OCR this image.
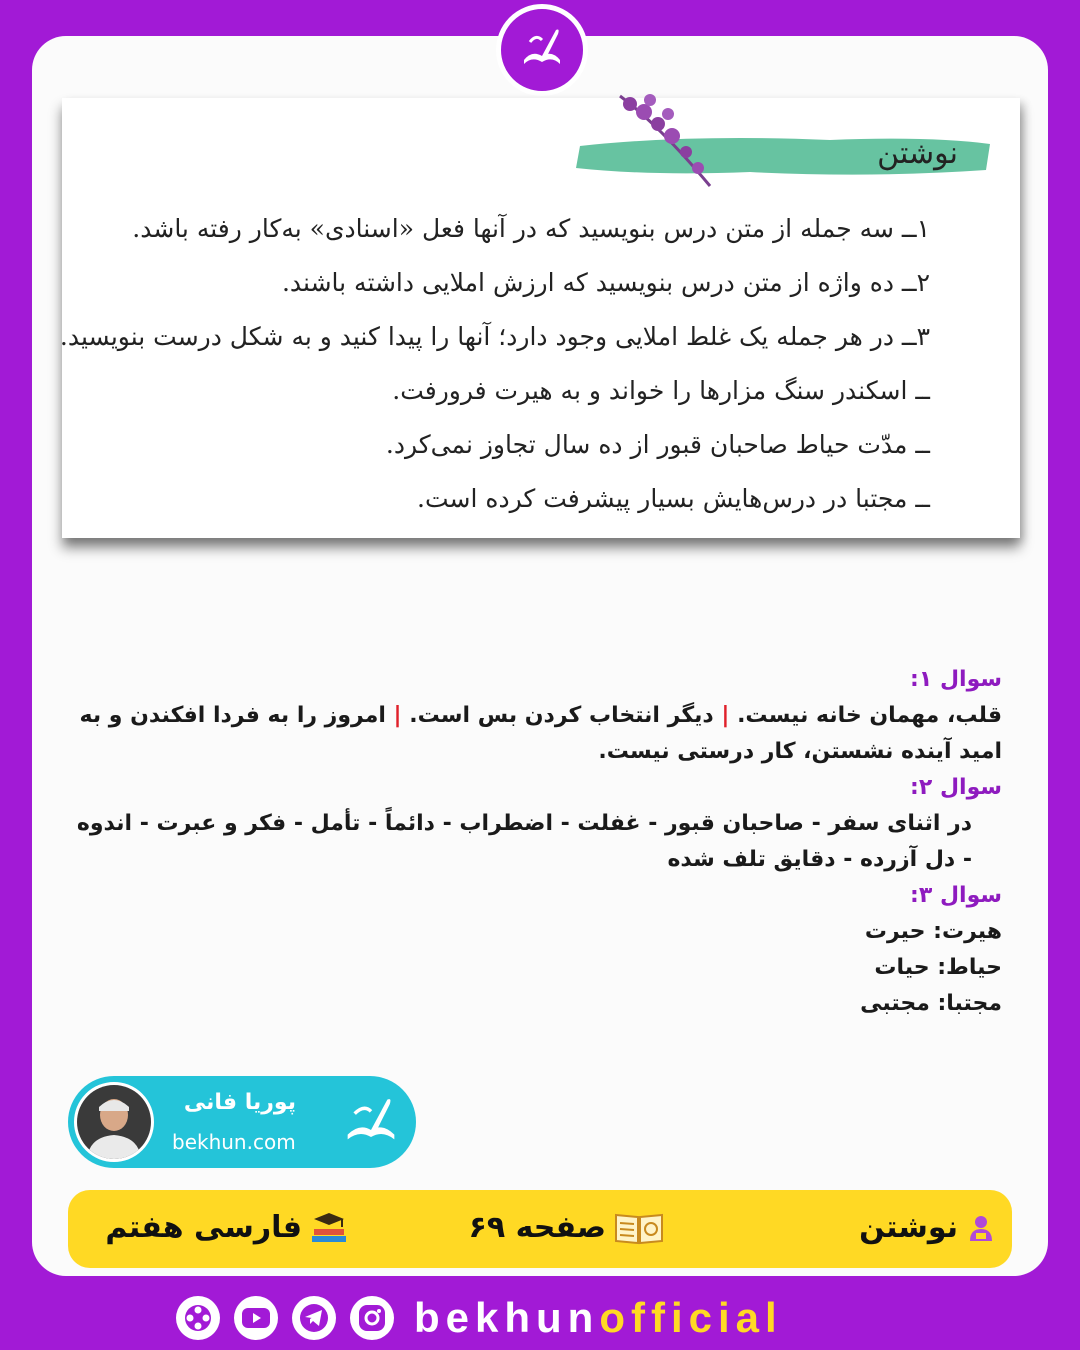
نوشتن
۱ــ سه جمله از متن درس بنویسید که در آنها فعل «اسنادی» به‌کار رفته باشد.
۲ــ ده واژه از متن درس بنویسید که ارزش املایی داشته باشند.
۳ــ در هر جمله یک غلط املایی وجود دارد؛ آنها را پیدا کنید و به شکل درست بنویسید.
ــ اسکندر سنگ مزارها را خواند و به هیرت فرورفت.
ــ مدّت حیاط صاحبان قبور از ده سال تجاوز نمی‌کرد.
ــ مجتبا در درس‌هایش بسیار پیشرفت کرده است.
سوال ۱:
قلب، مهمان خانه نیست. | دیگر انتخاب کردن بس است. | امروز را به فردا افکندن و به امید آینده نشستن، کار درستی نیست.
سوال ۲:
در اثنای سفر - صاحبان قبور - غفلت - اضطراب - دائماً - تأمل - فکر و عبرت - اندوه - دل آزرده - دقایق تلف شده
سوال ۳:
هیرت: حیرت
حیاط: حیات
مجتبا: مجتبی
پوریا فانی
bekhun.com
نوشتن
صفحه ۶۹
فارسی هفتم
bekhunofficial
